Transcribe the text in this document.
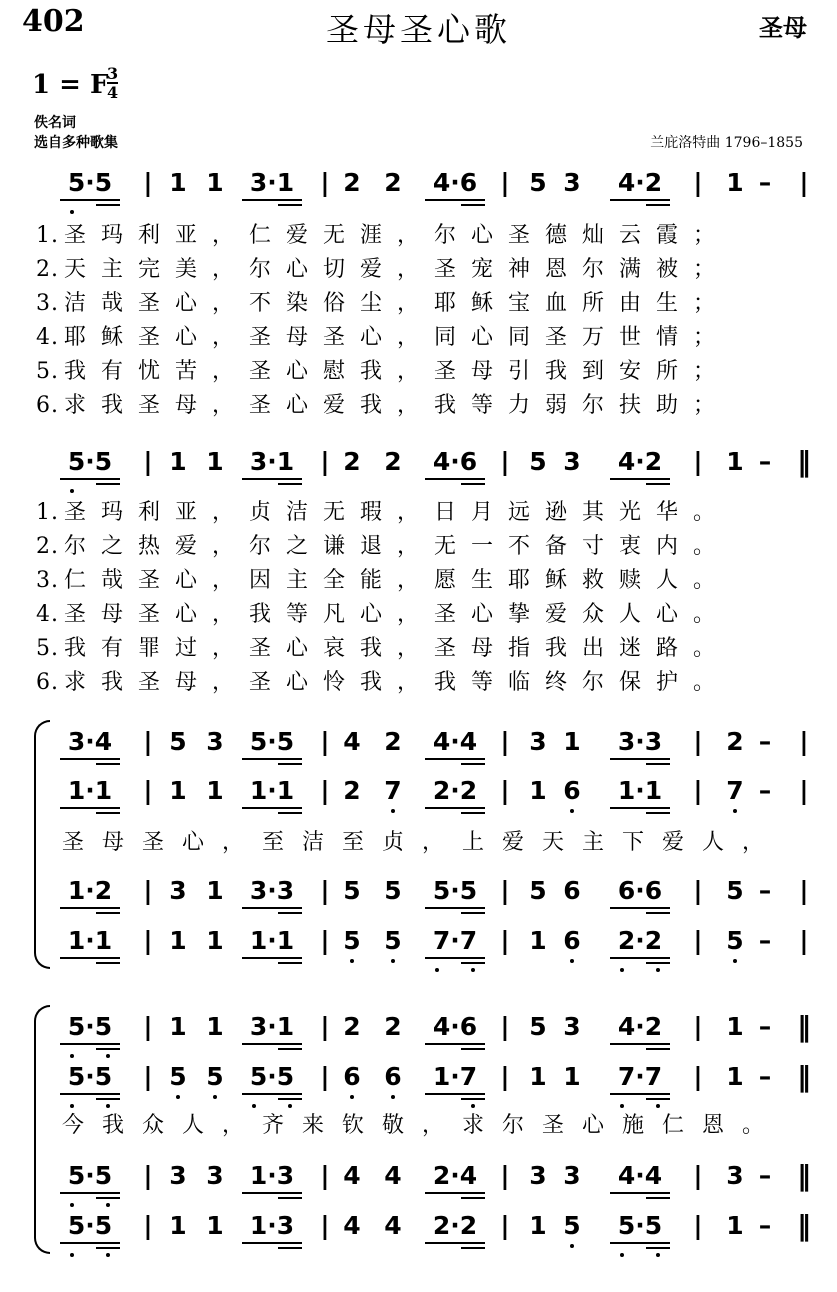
402	圣母圣心歌	圣母
1 = F
3
4
佚名词
选自多种歌集	兰庇洛特曲 1796–1855
5·5 | 1 1 3·1 | 2 2 4·6 | 5 3 4·2 | 1 – |
1. 圣玛利亚，仁爱无涯，尔心圣德灿云霞；
2. 天主完美，尔心切爱，圣宠神恩尔满被；
3. 洁哉圣心，不染俗尘，耶稣宝血所由生；
4. 耶稣圣心，圣母圣心，同心同圣万世情；
5. 我有忧苦，圣心慰我，圣母引我到安所；
6. 求我圣母，圣心爱我，我等力弱尔扶助；
5·5 | 1 1 3·1 | 2 2 4·6 | 5 3 4·2 | 1 – ‖
1. 圣玛利亚，贞洁无瑕，日月远逊其光华。
2. 尔之热爱，尔之谦退，无一不备寸衷内。
3. 仁哉圣心，因主全能，愿生耶稣救赎人。
4. 圣母圣心，我等凡心，圣心挚爱众人心。
5. 我有罪过，圣心哀我，圣母指我出迷路。
6. 求我圣母，圣心怜我，我等临终尔保护。
3·4 | 5 3 5·5 | 4 2 4·4 | 3 1 3·3 | 2 – |
1·1 | 1 1 1·1 | 2 7 2·2 | 1 6 1·1 | 7 – |
圣母圣心，至洁至贞，上爱天主下爱人，
1·2 | 3 1 3·3 | 5 5 5·5 | 5 6 6·6 | 5 – |
1·1 | 1 1 1·1 | 5 5 7·7 | 1 6 2·2 | 5 – |
5·5 | 1 1 3·1 | 2 2 4·6 | 5 3 4·2 | 1 – ‖
5·5 | 5 5 5·5 | 6 6 1·7 | 1 1 7·7 | 1 – ‖
今我众人，齐来钦敬，求尔圣心施仁恩。
5·5 | 3 3 1·3 | 4 4 2·4 | 3 3 4·4 | 3 – ‖
5·5 | 1 1 1·3 | 4 4 2·2 | 1 5 5·5 | 1 – ‖
